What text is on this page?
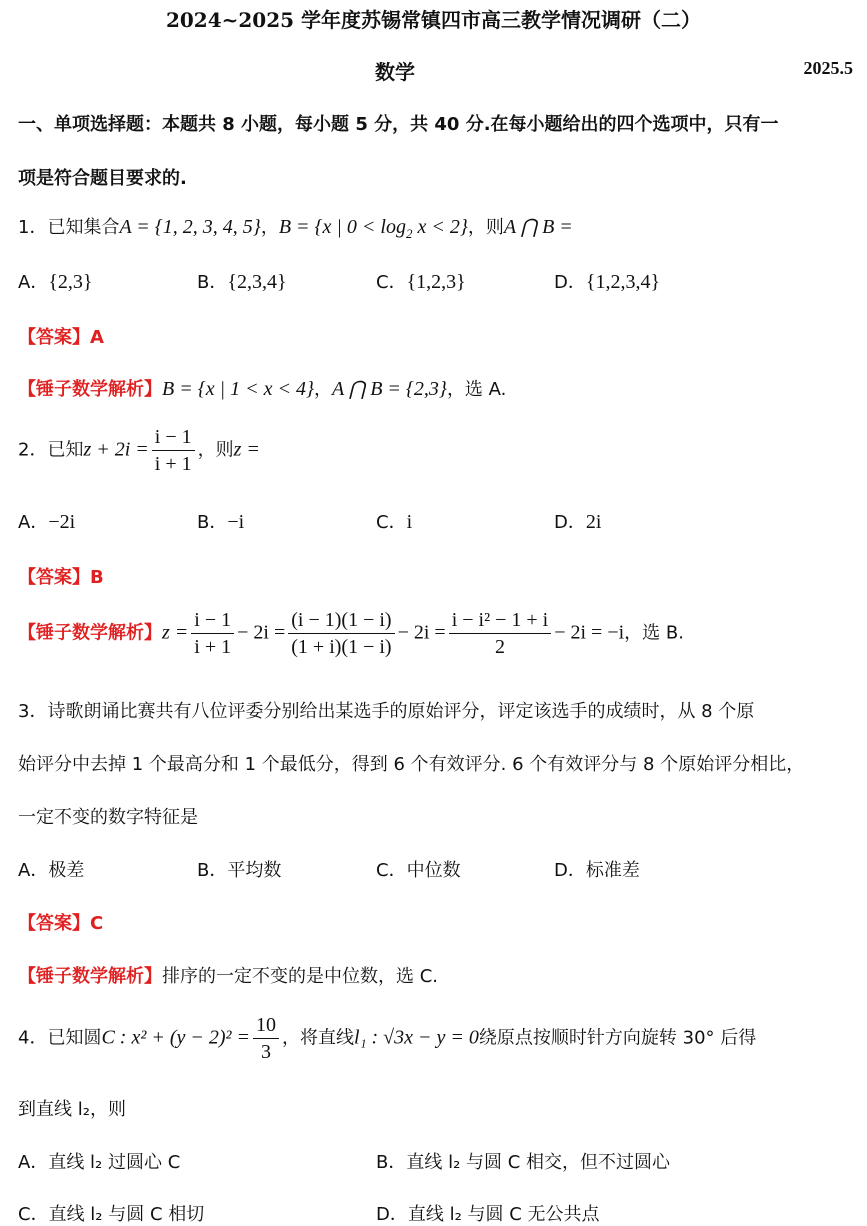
2024~2025 学年度苏锡常镇四市高三教学情况调研（二）
数学	2025.5
一、单项选择题：本题共 8 小题，每小题 5 分，共 40 分.在每小题给出的四个选项中，只有一
项是符合题目要求的.
1．已知集合A = {1, 2, 3, 4, 5}，B = {x | $0 < \log_2 x < 2$}，则A ⋂ B =
A．{2,3}	B．{2,3,4}	C．{1,2,3}	D．{1,2,3,4}
【答案】A
【锤子数学解析】B = {x | 1 < x < 4}，A ⋂ B = {2,3}，选 A.
2．已知$z + 2i = \frac{i - 1}{i + 1}$ ，则z =
A．−2i	B．−i	C．i	D．2i
【答案】B
【锤子数学解析】$z = \frac{i - 1}{i + 1} - 2i = \frac{(i - 1)(1 - i)}{(1 + i)(1 - i)} - 2i = \frac{\text{i − i² − 1 + i}}{2} - 2i = -i$，选 B.
3．诗歌朗诵比赛共有八位评委分别给出某选手的原始评分，评定该选手的成绩时，从 8 个原
始评分中去掉 1 个最高分和 1 个最低分，得到 6 个有效评分. 6 个有效评分与 8 个原始评分相比，
一定不变的数字特征是
A．极差	B．平均数	C．中位数	D．标准差
【答案】C
【锤子数学解析】排序的一定不变的是中位数，选 C.
4．已知圆C : $x^2 + (y - 2)^2 = \frac{10}{3}$ ，将直线l₁ : √3x − y = 0绕原点按顺时针方向旋转 30° 后得
到直线 l₂，则
A．直线 l₂ 过圆心 C	B．直线 l₂ 与圆 C 相交，但不过圆心
C．直线 l₂ 与圆 C 相切	D．直线 l₂ 与圆 C 无公共点
